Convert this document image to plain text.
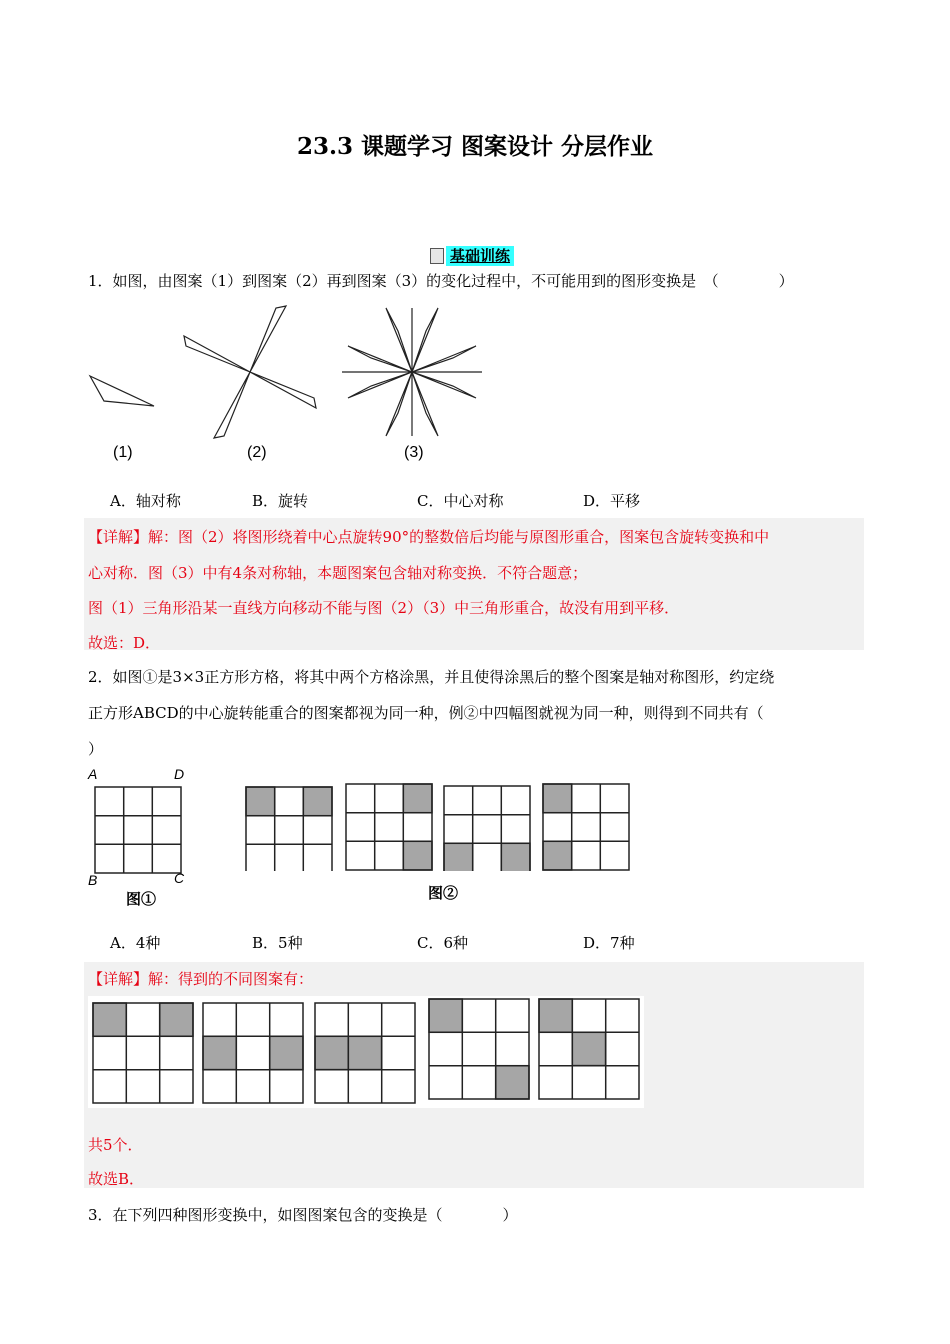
23.3 课题学习 图案设计 分层作业
基础训练
1．如图，由图案（1）到图案（2）再到图案（3）的变化过程中，不可能用到的图形变换是　（　　　　）
(1)	(2)	(3)
A．轴对称	B．旋转	C．中心对称	D．平移
【详解】解：图（2）将图形绕着中心点旋转90°的整数倍后均能与原图形重合，图案包含旋转变换和中
心对称．图（3）中有4条对称轴，本题图案包含轴对称变换．不符合题意；
图（1）三角形沿某一直线方向移动不能与图（2）（3）中三角形重合，故没有用到平移．
故选：D．
2．如图①是3×3正方形方格，将其中两个方格涂黑，并且使得涂黑后的整个图案是轴对称图形，约定绕
正方形ABCD的中心旋转能重合的图案都视为同一种，例②中四幅图就视为同一种，则得到不同共有（
）
A	D
B	C
图①	图②
A．4种	B．5种	C．6种	D．7种
【详解】解：得到的不同图案有：
共5个．
故选B．
3．在下列四种图形变换中，如图图案包含的变换是（　　　　）
